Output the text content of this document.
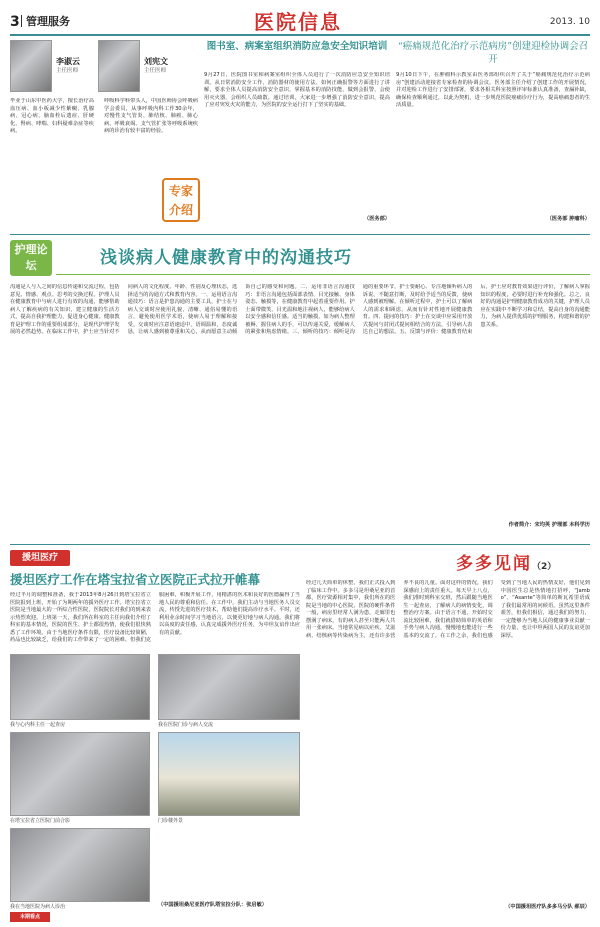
3 管理服务	医院信息	2013. 10
李淑云
主任医师
毕业于山东中医药大学，擅长治疗高血压病、血小板减少性紫癜、乳腺病、冠心病、脑血栓后遗症、肝硬化、腎病、哮喘、妇科疑难杂症等疾病。
刘宪文
主任医师
呼吸科学科带头人，中国医师协会呼吸病学会委员，从事呼吸内科工作30余年，对慢性支气管炎、肺结核、肺癌、肺心病、呼吸衰竭、支气管扩张等呼吸系统疾病的诊治有较丰富的经验。
专家介绍
图书室、病案室组织消防应急安全知识培训
9月27日，医院图书室和病案室组织全体人员进行了一次消防应急安全知识培训。从日常消防安全工作、消防器材的使用方法、如何正确报警等方面进行了讲解，要求全体人员提高消防安全意识，掌握基本的消防技能，做到会报警、会使用灭火器、会组织人员疏散。通过培训，大家进一步增强了消防安全意识，提高了应对突发火灾的能力，为医院的安全运行打下了坚实的基础。
（医务部）
“癌痛规范化治疗示范病房”创建迎检协调会召开
9月10日下午，在肿瘤科示教室由医务部组织召开了关于“癌痛规范化治疗示范病房”创建活动迎接省专家检查的协调会议。医务部主任介绍了创建工作的开展情况，并对迎检工作进行了安排部署，要求各相关科室按照评审标准认真准备，查漏补缺，确保检查顺利通过，以此为契机，进一步规范医院癌痛诊疗行为，提高癌痛患者的生活质量。
（医务部 肿瘤科）
护理论坛	浅谈病人健康教育中的沟通技巧
沟通是人与人之间的信息传递和交流过程，包括意见、情感、观点、思考的交换过程。护理人员在健康教育中与病人进行有效的沟通，能够帮助病人了解疾病的有关知识，建立健康的生活方式，提高自我护理能力，促进身心健康。健康教育是护理工作的重要组成部分，是现代护理学发展的必然趋势。在临床工作中，护士应当针对不同病人的文化程度、年龄、性别及心理状态，选择适当的沟通方式和教育内容。一、运用语言沟通技巧：语言是护患沟通的主要工具，护士在与病人交谈时应使用礼貌、清晰、通俗易懂的语言，避免使用医学术语，使病人易于理解和接受。交谈时应注意语速适中，语调温和，态度诚恳，让病人感到被尊重和关心，从而愿意主动倾诉自己的感受和问题。二、运用非语言沟通技巧：非语言沟通包括面部表情、目光接触、身体姿态、触摸等，在健康教育中起着重要作用。护士面带微笑、目光温和地注视病人，能够给病人以安全感和信任感。适当的触摸，如为病人整理被褥、握住病人的手，可以传递关爱，缓解病人的紧张和焦虑情绪。三、倾听的技巧：倾听是沟通的重要环节，护士要耐心、专注地倾听病人的诉说，不随意打断，及时给予适当的反馈，使病人感到被理解。在倾听过程中，护士可以了解病人的需求和顾虑，从而有针对性地开展健康教育。四、提问的技巧：护士在交谈中应采用开放式提问与封闭式提问相结合的方法，引导病人表达自己的想法。五、反馈与评价：健康教育结束后，护士应对教育效果进行评价，了解病人掌握知识的程度，必要时进行补充和强化。总之，良好的沟通是护理健康教育成功的关键，护理人员应在实践中不断学习和总结，提高自身的沟通能力，为病人提供优质的护理服务，构建和谐的护患关系。
作者简介：宋均英 护理部 本科学历
援坦医疗
援坦医疗工作在塔宝拉省立医院正式拉开帷幕
经过半月的调整和准备，我于2013年8月26日到塔宝拉省立医院报到上班，开始了为期两年的援外医疗工作。塔宝拉省立医院是当地最大的一所综合性医院，医院院长对我们的到来表示热烈欢迎。上班第一天，我们所在科室的主任向我们介绍了科室的基本情况，医院的医生、护士都很热情，使我们很快熟悉了工作环境。由于当地医疗条件有限，医疗设备比较简陋，药品也比较缺乏，给我们的工作带来了一定的困难。但我们克服困难，积极开展工作，用精湛的医术和良好的医德赢得了当地人民的尊重和信任。在工作中，我们主动与当地医务人员交流，传授先进的医疗技术，帮助他们提高诊疗水平。平时，还利用业余时间学习当地语言，以便更好地与病人沟通。我们将以高度的责任感，认真完成援外医疗任务，为中坦友谊作出应有的贡献。
我与心内科主任一起查房	我在医院门诊与病人交流
在塔宝拉省立医院门前合影	门诊楼外景
我在当地医院为病人诊治
本期看点
（中国援坦桑尼亚医疗队塔宝拉分队：张启敏）
多多见闻（2）
经过几天简单的休整，我们正式投入到了临床工作中。多多马是坦桑尼亚的首都，医疗资源相对集中，我们所在的医院是当地的中心医院。医院的硬件条件一般，病房里经常人满为患，走廊里也摆满了病床，有的病人甚至只能两人共用一张病床。当地常见病以疟疾、艾滋病、结核病等传染病为主，还有许多营养不良的儿童。面对这样的情况，我们深感肩上的责任重大。每天早上八点，我们准时到科室交班，然后跟随当地医生一起查房，了解病人的病情变化，调整治疗方案。由于语言不通，开始时交流比较困难，我们就借助简单的英语和手势与病人沟通，慢慢地也能进行一些基本的交流了。在工作之余，我们也感受到了当地人民的热情友好，他们见到中国医生总是热情地打招呼，“Jambo”、“Asante”等简单的斯瓦希里语成了我们最常用的问候语。虽然这里条件艰苦，但我们相信，通过我们的努力，一定能够为当地人民的健康事业贡献一份力量，也让中坦两国人民的友谊更加深厚。
（中国援坦医疗队多多马分队 郝辰）
